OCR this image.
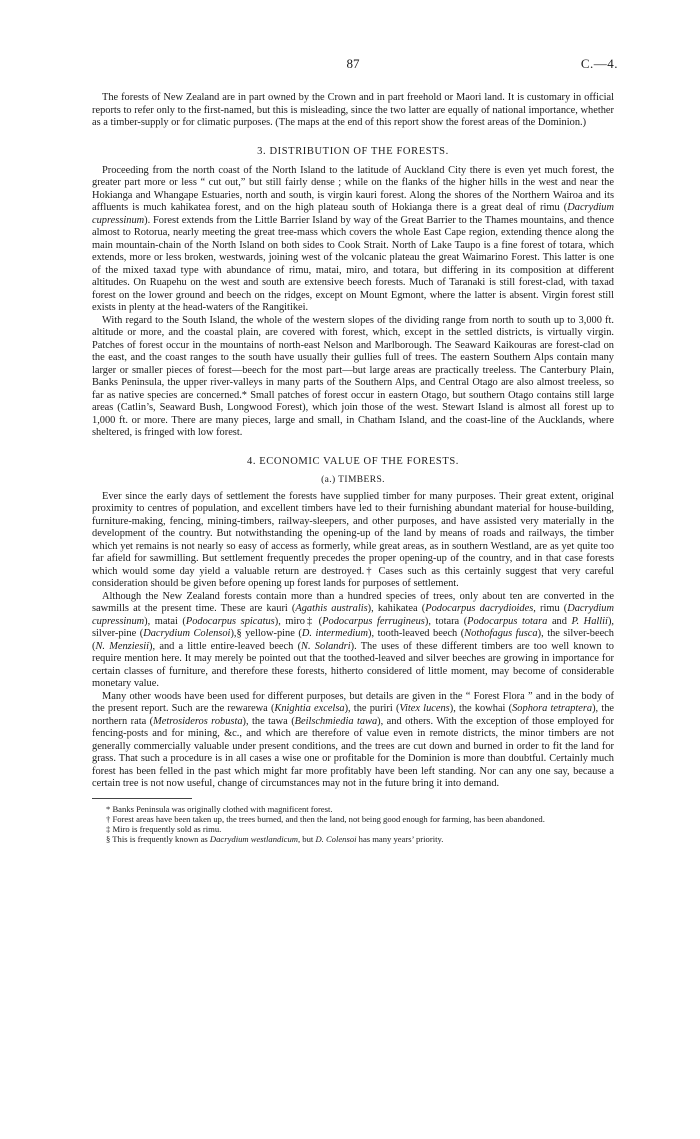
87	C.—4.

The forests of New Zealand are in part owned by the Crown and in part freehold or Maori land. It is customary in official reports to refer only to the first-named, but this is misleading, since the two latter are equally of national importance, whether as a timber-supply or for climatic purposes. (The maps at the end of this report show the forest areas of the Dominion.)

3. DISTRIBUTION OF THE FORESTS.

Proceeding from the north coast of the North Island to the latitude of Auckland City there is even yet much forest, the greater part more or less “ cut out,” but still fairly dense ; while on the flanks of the higher hills in the west and near the Hokianga and Whangape Estuaries, north and south, is virgin kauri forest. Along the shores of the Northern Wairoa and its affluents is much kahikatea forest, and on the high plateau south of Hokianga there is a great deal of rimu (Dacrydium cupressinum). Forest extends from the Little Barrier Island by way of the Great Barrier to the Thames mountains, and thence almost to Rotorua, nearly meeting the great tree-mass which covers the whole East Cape region, extending thence along the main mountain-chain of the North Island on both sides to Cook Strait. North of Lake Taupo is a fine forest of totara, which extends, more or less broken, westwards, joining west of the volcanic plateau the great Waimarino Forest. This latter is one of the mixed taxad type with abundance of rimu, matai, miro, and totara, but differing in its composition at different altitudes. On Ruapehu on the west and south are extensive beech forests. Much of Taranaki is still forest-clad, with taxad forest on the lower ground and beech on the ridges, except on Mount Egmont, where the latter is absent. Virgin forest still exists in plenty at the head-waters of the Rangitikei.

With regard to the South Island, the whole of the western slopes of the dividing range from north to south up to 3,000 ft. altitude or more, and the coastal plain, are covered with forest, which, except in the settled districts, is virtually virgin. Patches of forest occur in the mountains of north-east Nelson and Marlborough. The Seaward Kaikouras are forest-clad on the east, and the coast ranges to the south have usually their gullies full of trees. The eastern Southern Alps contain many larger or smaller pieces of forest—beech for the most part—but large areas are practically treeless. The Canterbury Plain, Banks Peninsula, the upper river-valleys in many parts of the Southern Alps, and Central Otago are also almost treeless, so far as native species are concerned.* Small patches of forest occur in eastern Otago, but southern Otago contains still large areas (Catlin’s, Seaward Bush, Longwood Forest), which join those of the west. Stewart Island is almost all forest up to 1,000 ft. or more. There are many pieces, large and small, in Chatham Island, and the coast-line of the Aucklands, where sheltered, is fringed with low forest.

4. ECONOMIC VALUE OF THE FORESTS.
(a.) TIMBERS.

Ever since the early days of settlement the forests have supplied timber for many purposes. Their great extent, original proximity to centres of population, and excellent timbers have led to their furnishing abundant material for house-building, furniture-making, fencing, mining-timbers, railway-sleepers, and other purposes, and have assisted very materially in the development of the country. But notwithstanding the opening-up of the land by means of roads and railways, the timber which yet remains is not nearly so easy of access as formerly, while great areas, as in southern Westland, are as yet quite too far afield for sawmilling. But settlement frequently precedes the proper opening-up of the country, and in that case forests which would some day yield a valuable return are destroyed.† Cases such as this certainly suggest that very careful consideration should be given before opening up forest lands for purposes of settlement.

Although the New Zealand forests contain more than a hundred species of trees, only about ten are converted in the sawmills at the present time. These are kauri (Agathis australis), kahikatea (Podocarpus dacrydioides, rimu (Dacrydium cupressinum), matai (Podocarpus spicatus), miro‡ (Podocarpus ferrugineus), totara (Podocarpus totara and P. Hallii), silver-pine (Dacrydium Colensoi),§ yellow-pine (D. intermedium), tooth-leaved beech (Nothofagus fusca), the silver-beech (N. Menziesii), and a little entire-leaved beech (N. Solandri). The uses of these different timbers are too well known to require mention here. It may merely be pointed out that the toothed-leaved and silver beeches are growing in importance for certain classes of furniture, and therefore these forests, hitherto considered of little moment, may become of considerable monetary value.

Many other woods have been used for different purposes, but details are given in the “ Forest Flora ” and in the body of the present report. Such are the rewarewa (Knightia excelsa), the puriri (Vitex lucens), the kowhai (Sophora tetraptera), the northern rata (Metrosideros robusta), the tawa (Beilschmiedia tawa), and others. With the exception of those employed for fencing-posts and for mining, &c., and which are therefore of value even in remote districts, the minor timbers are not generally commercially valuable under present conditions, and the trees are cut down and burned in order to fit the land for grass. That such a procedure is in all cases a wise one or profitable for the Dominion is more than doubtful. Certainly much forest has been felled in the past which might far more profitably have been left standing. Nor can any one say, because a certain tree is not now useful, change of circumstances may not in the future bring it into demand.

* Banks Peninsula was originally clothed with magnificent forest.

† Forest areas have been taken up, the trees burned, and then the land, not being good enough for farming, has been abandoned.

‡ Miro is frequently sold as rimu.

§ This is frequently known as Dacrydium westlandicum, but D. Colensoi has many years’ priority.
